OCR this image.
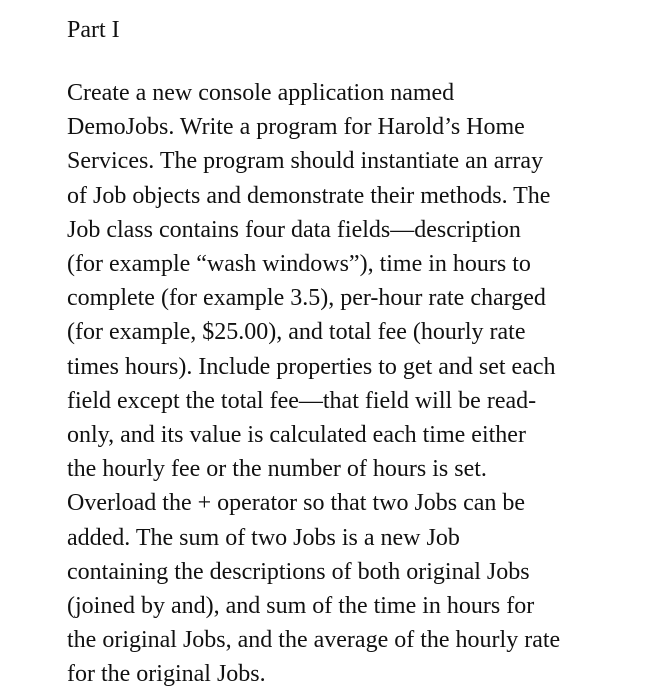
Part I

Create a new console application named
DemoJobs. Write a program for Harold’s Home
Services. The program should instantiate an array
of Job objects and demonstrate their methods. The
Job class contains four data fields—description
(for example “wash windows”), time in hours to
complete (for example 3.5), per-hour rate charged
(for example, $25.00), and total fee (hourly rate
times hours). Include properties to get and set each
field except the total fee—that field will be read-
only, and its value is calculated each time either
the hourly fee or the number of hours is set.
Overload the + operator so that two Jobs can be
added. The sum of two Jobs is a new Job
containing the descriptions of both original Jobs
(joined by and), and sum of the time in hours for
the original Jobs, and the average of the hourly rate
for the original Jobs.
